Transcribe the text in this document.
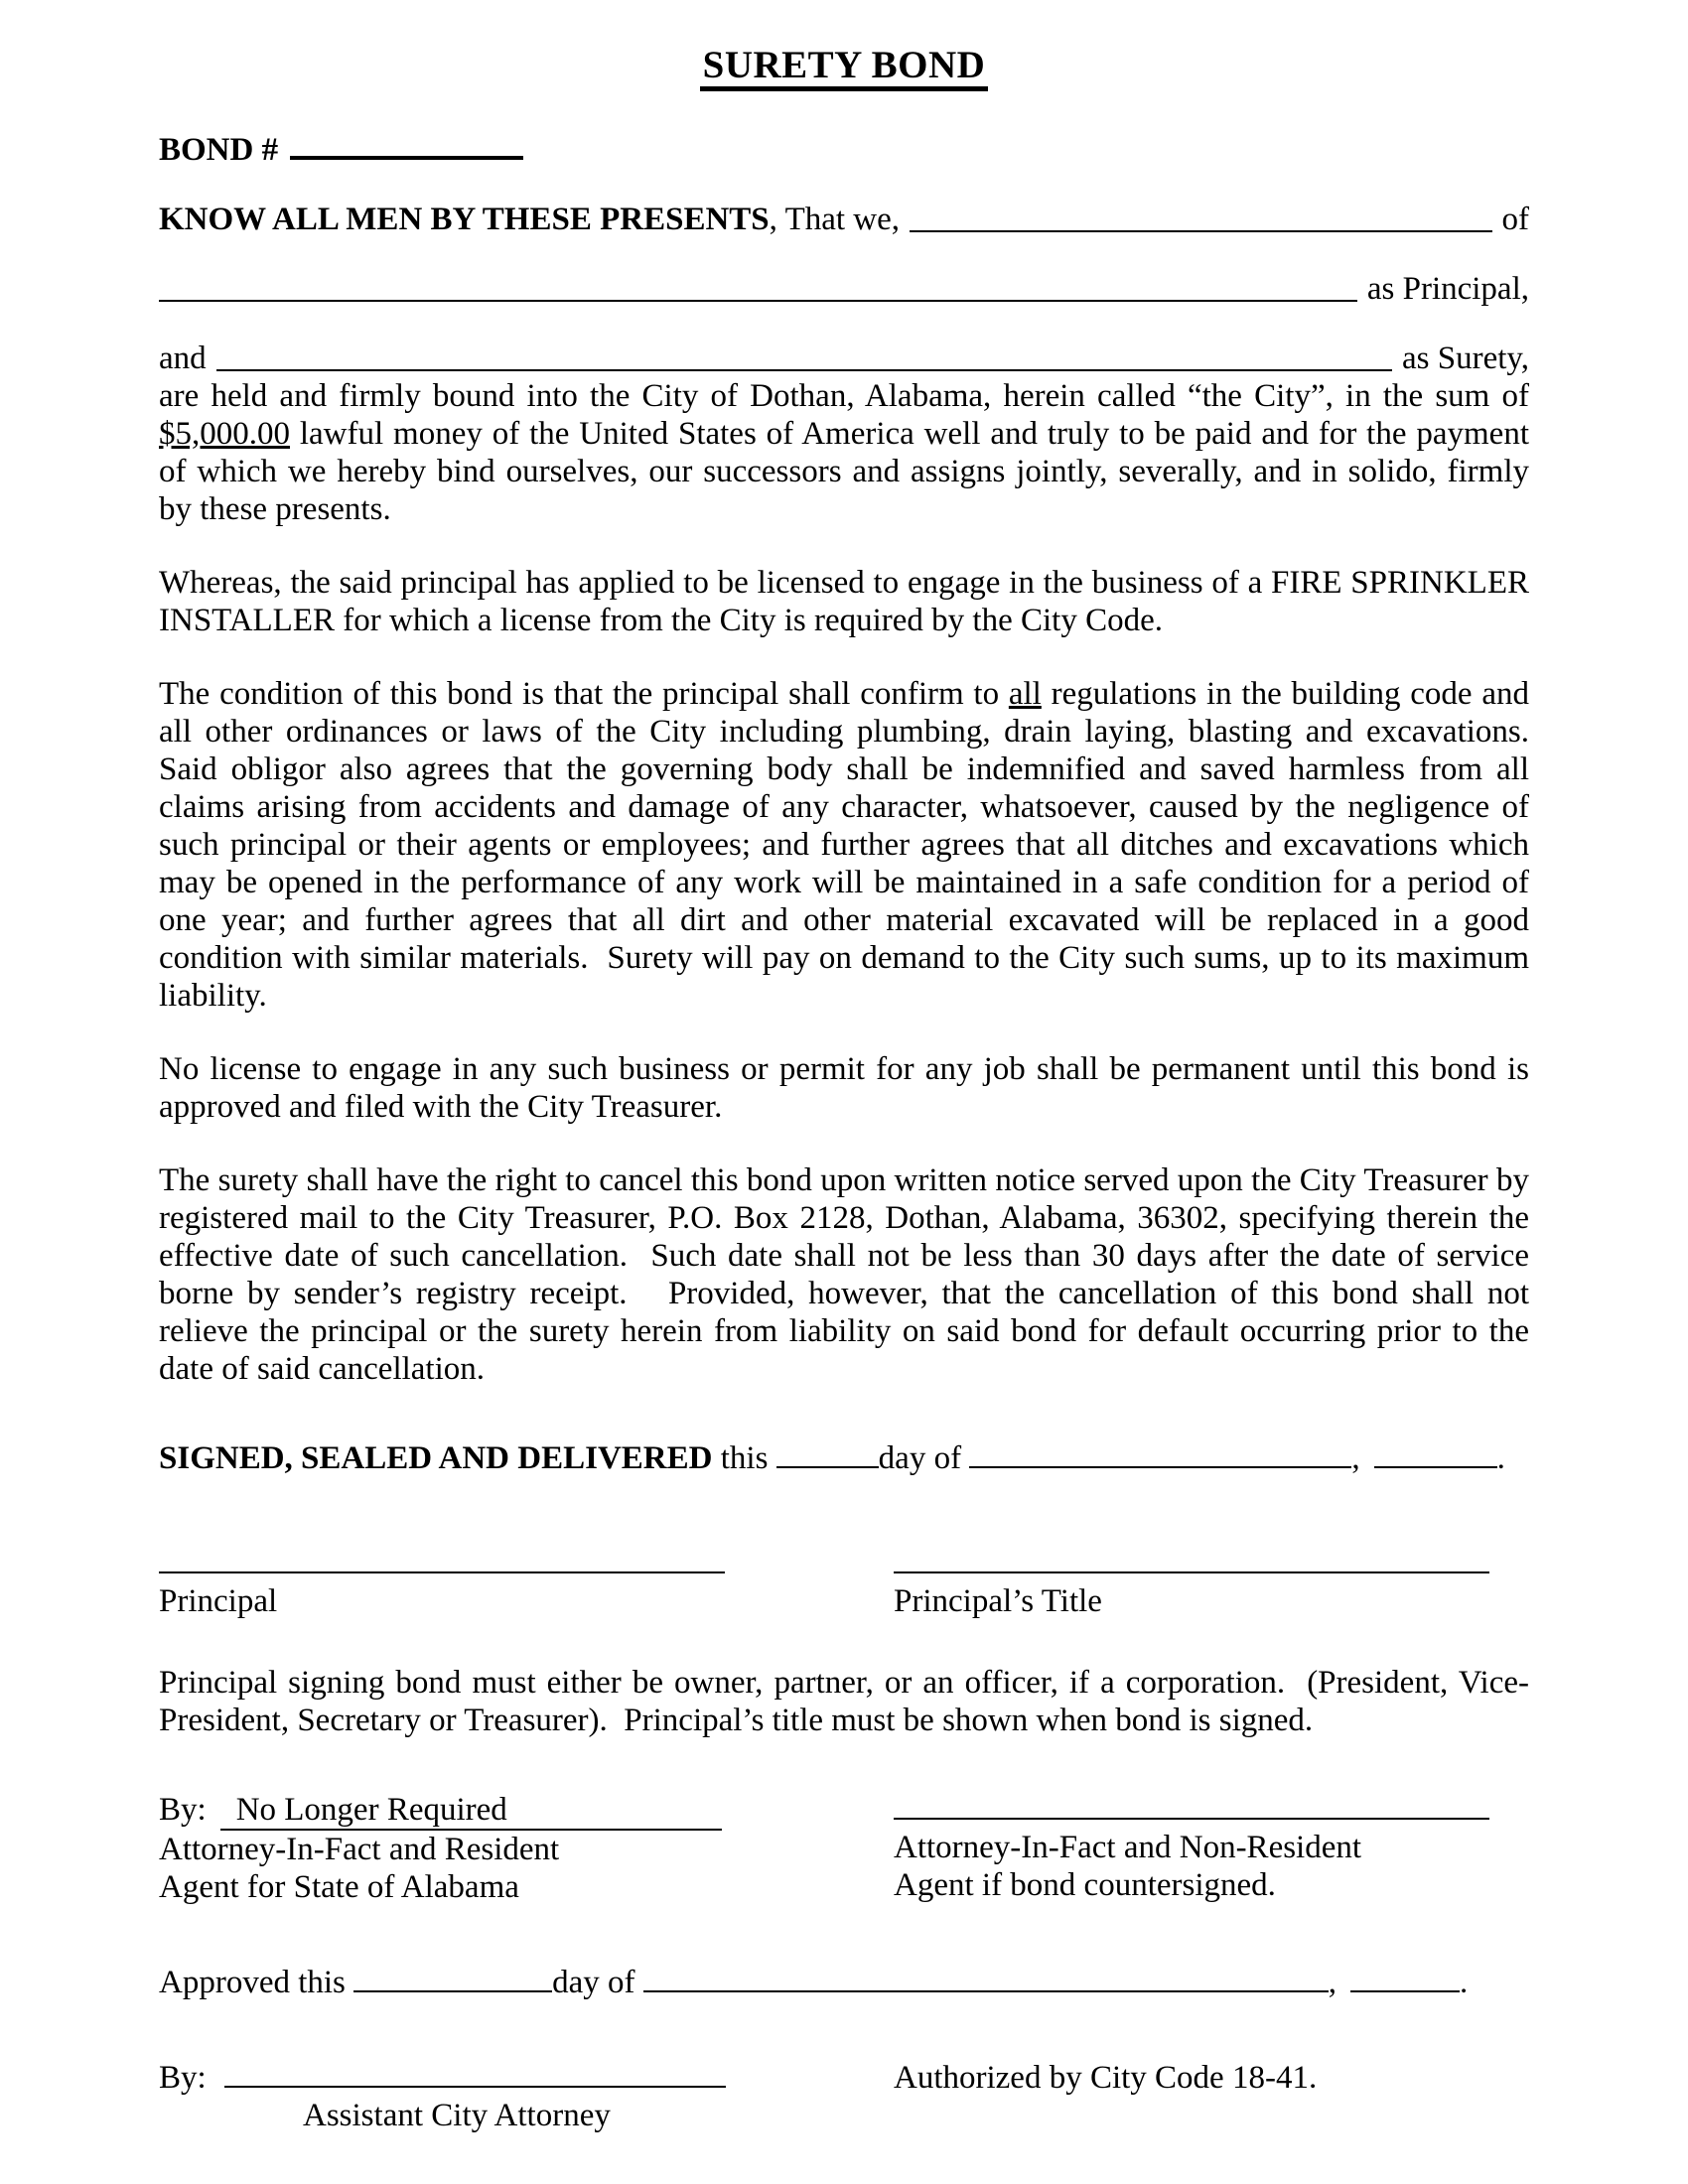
SURETY BOND
BOND #
KNOW ALL MEN BY THESE PRESENTS, That we,	of
as Principal,
and	as Surety,

are held and firmly bound into the City of Dothan, Alabama, herein called “the City”, in the sum of $5,000.00 lawful money of the United States of America well and truly to be paid and for the payment of which we hereby bind ourselves, our successors and assigns jointly, severally, and in solido, firmly by these presents.

Whereas, the said principal has applied to be licensed to engage in the business of a FIRE SPRINKLER INSTALLER for which a license from the City is required by the City Code.

The condition of this bond is that the principal shall confirm to all regulations in the building code and all other ordinances or laws of the City including plumbing, drain laying, blasting and excavations.  Said obligor also agrees that the governing body shall be indemnified and saved harmless from all claims arising from accidents and damage of any character, whatsoever, caused by the negligence of such principal or their agents or employees; and further agrees that all ditches and excavations which may be opened in the performance of any work will be maintained in a safe condition for a period of one year; and further agrees that all dirt and other material excavated will be replaced in a good condition with similar materials.  Surety will pay on demand to the City such sums, up to its maximum liability.

No license to engage in any such business or permit for any job shall be permanent until this bond is approved and filed with the City Treasurer.

The surety shall have the right to cancel this bond upon written notice served upon the City Treasurer by registered mail to the City Treasurer, P.O. Box 2128, Dothan, Alabama, 36302, specifying therein the effective date of such cancellation.  Such date shall not be less than 30 days after the date of service borne by sender’s registry receipt.   Provided, however, that the cancellation of this bond shall not relieve the principal or the surety herein from liability on said bond for default occurring prior to the date of said cancellation.

SIGNED, SEALED AND DELIVERED this	day of	,	.
Principal	Principal’s Title

Principal signing bond must either be owner, partner, or an officer, if a corporation.  (President, Vice-President, Secretary or Treasurer).  Principal’s title must be shown when bond is signed.

By: No Longer Required
Attorney-In-Fact and Resident
Agent for State of Alabama
Attorney-In-Fact and Non-Resident
Agent if bond countersigned.
Approved this	day of	,	.
By:
Assistant City Attorney
Authorized by City Code 18-41.
